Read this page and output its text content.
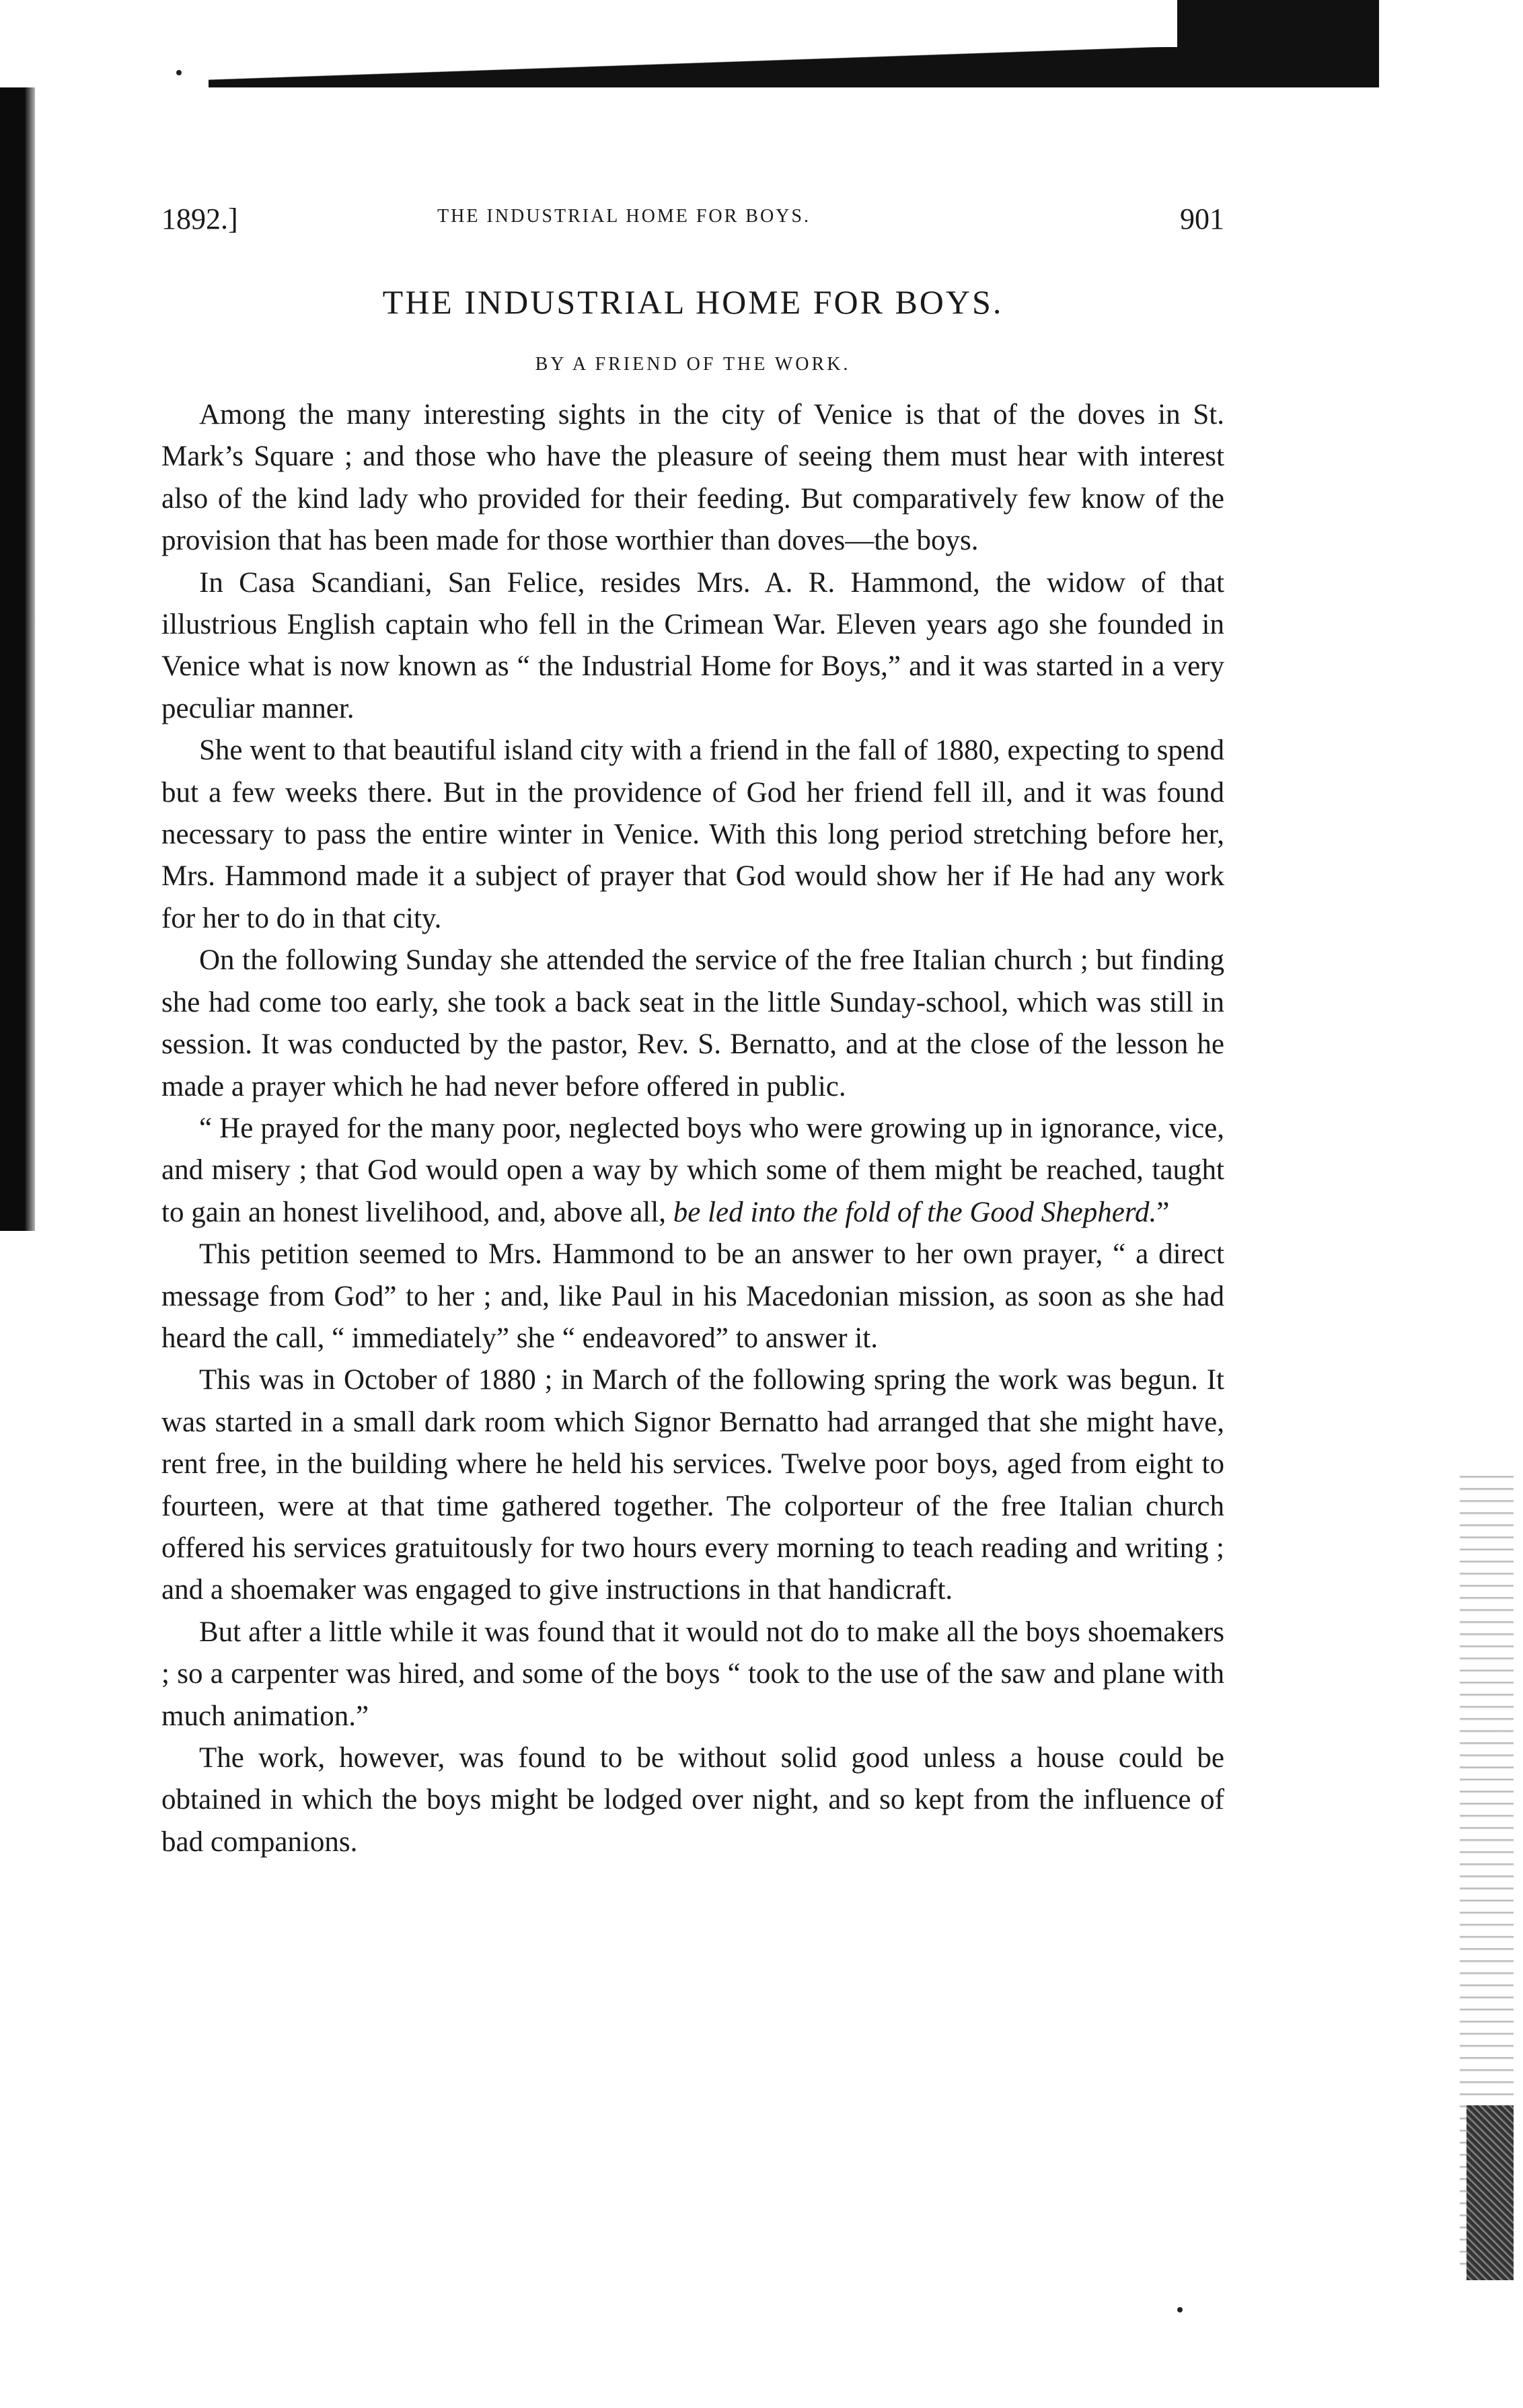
1892.]	THE INDUSTRIAL HOME FOR BOYS.	901
THE INDUSTRIAL HOME FOR BOYS.
BY A FRIEND OF THE WORK.

Among the many interesting sights in the city of Venice is that of the doves in St. Mark’s Square ; and those who have the pleasure of seeing them must hear with interest also of the kind lady who provided for their feeding. But comparatively few know of the provision that has been made for those worthier than doves—the boys.

In Casa Scandiani, San Felice, resides Mrs. A. R. Hammond, the widow of that illustrious English captain who fell in the Crimean War. Eleven years ago she founded in Venice what is now known as “ the Industrial Home for Boys,” and it was started in a very peculiar manner.

She went to that beautiful island city with a friend in the fall of 1880, expecting to spend but a few weeks there. But in the providence of God her friend fell ill, and it was found necessary to pass the entire winter in Venice. With this long period stretching before her, Mrs. Hammond made it a subject of prayer that God would show her if He had any work for her to do in that city.

On the following Sunday she attended the service of the free Italian church ; but finding she had come too early, she took a back seat in the little Sunday-school, which was still in session. It was conducted by the pastor, Rev. S. Bernatto, and at the close of the lesson he made a prayer which he had never before offered in public.

“ He prayed for the many poor, neglected boys who were growing up in ignorance, vice, and misery ; that God would open a way by which some of them might be reached, taught to gain an honest livelihood, and, above all, be led into the fold of the Good Shepherd.”

This petition seemed to Mrs. Hammond to be an answer to her own prayer, “ a direct message from God” to her ; and, like Paul in his Macedonian mission, as soon as she had heard the call, “ immediately” she “ endeavored” to answer it.

This was in October of 1880 ; in March of the following spring the work was begun. It was started in a small dark room which Signor Bernatto had arranged that she might have, rent free, in the building where he held his services. Twelve poor boys, aged from eight to fourteen, were at that time gathered together. The colporteur of the free Italian church offered his services gratuitously for two hours every morning to teach reading and writing ; and a shoemaker was engaged to give instructions in that handicraft.

But after a little while it was found that it would not do to make all the boys shoemakers ; so a carpenter was hired, and some of the boys “ took to the use of the saw and plane with much animation.”

The work, however, was found to be without solid good unless a house could be obtained in which the boys might be lodged over night, and so kept from the influence of bad companions.
